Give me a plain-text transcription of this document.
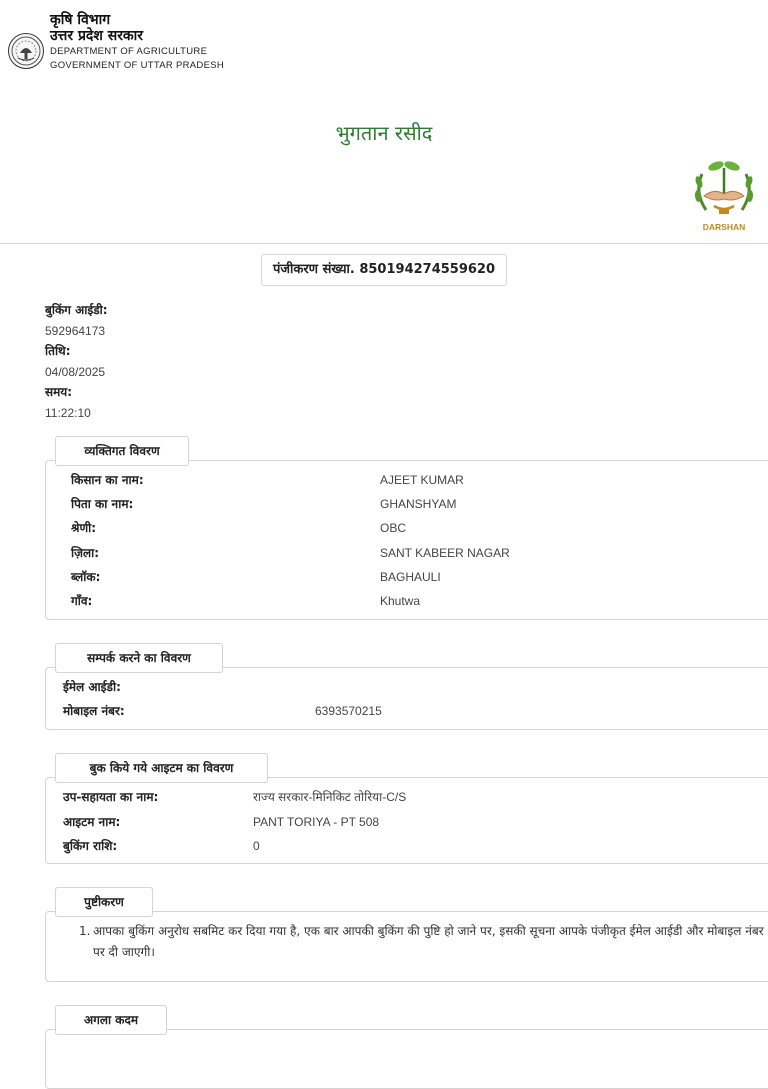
कृषि विभाग
उत्तर प्रदेश सरकार
DEPARTMENT OF AGRICULTURE
GOVERNMENT OF UTTAR PRADESH
भुगतान रसीद
DARSHAN
पंजीकरण संख्या. 850194274559620
बुकिंग आईडी:
592964173
तिथि:
04/08/2025
समय:
11:22:10
व्यक्तिगत विवरण
किसान का नाम:	AJEET KUMAR
पिता का नाम:	GHANSHYAM
श्रेणी:	OBC
ज़िला:	SANT KABEER NAGAR
ब्लॉक:	BAGHAULI
गाँव:	Khutwa
सम्पर्क करने का विवरण
ईमेल आईडी:
मोबाइल नंबर:	6393570215
बुक किये गये आइटम का विवरण
उप-सहायता का नाम:	राज्य सरकार-मिनिकिट तोरिया-C/S
आइटम नाम:	PANT TORIYA - PT 508
बुकिंग राशि:	0
पुष्टीकरण
1. आपका बुकिंग अनुरोध सबमिट कर दिया गया है, एक बार आपकी बुकिंग की पुष्टि हो जाने पर, इसकी सूचना आपके पंजीकृत ईमेल आईडी और मोबाइल नंबर पर दी जाएगी।
अगला कदम
